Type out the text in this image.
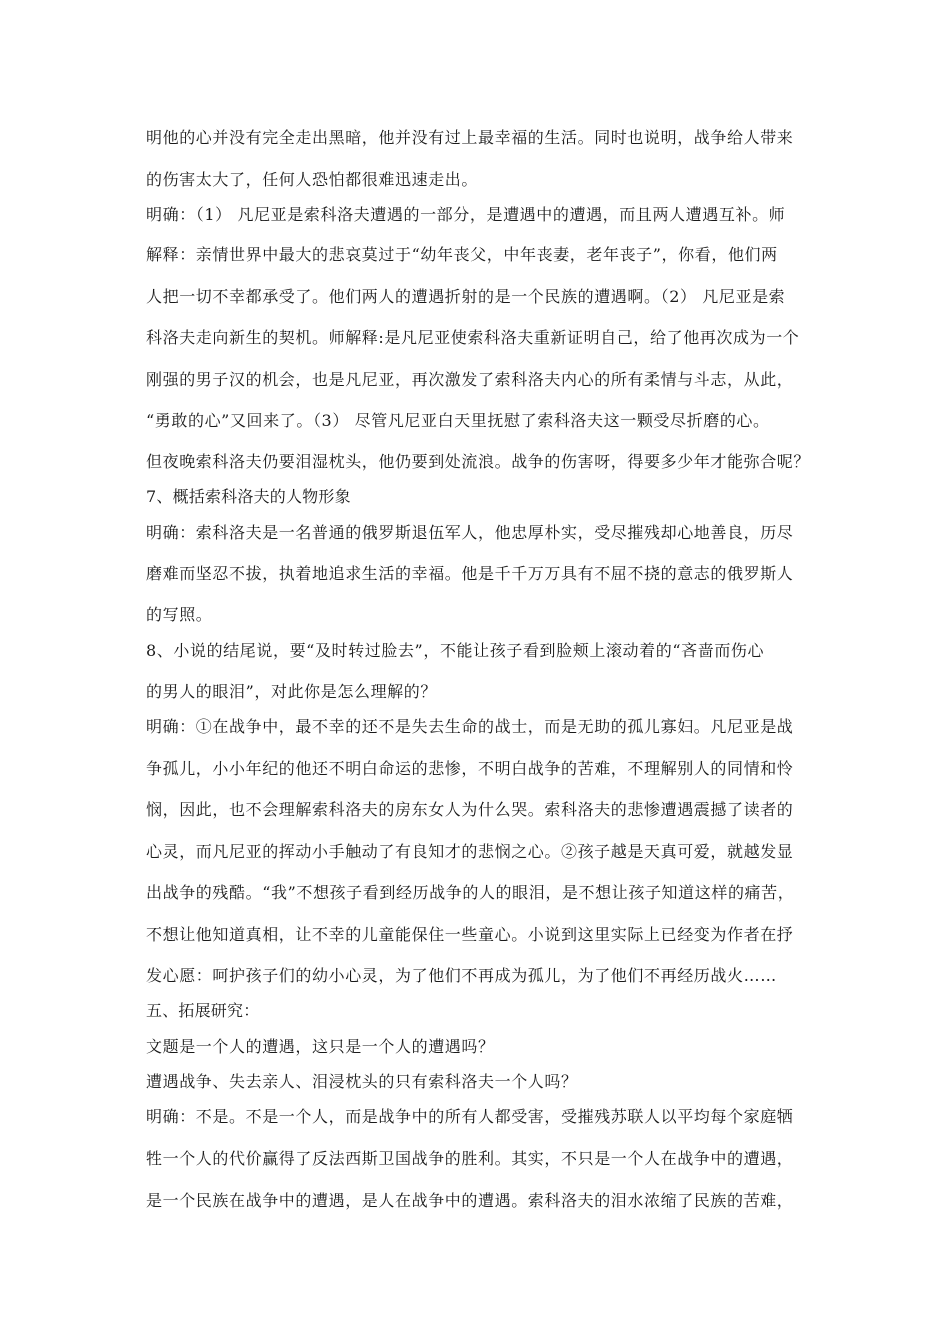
明他的心并没有完全走出黑暗，他并没有过上最幸福的生活。同时也说明，战争给人带来
的伤害太大了，任何人恐怕都很难迅速走出。
明确：（1） 凡尼亚是索科洛夫遭遇的一部分，是遭遇中的遭遇，而且两人遭遇互补。师
解释：亲情世界中最大的悲哀莫过于“幼年丧父，中年丧妻，老年丧子”，你看，他们两
人把一切不幸都承受了。他们两人的遭遇折射的是一个民族的遭遇啊。（2） 凡尼亚是索
科洛夫走向新生的契机。师解释:是凡尼亚使索科洛夫重新证明自己，给了他再次成为一个
刚强的男子汉的机会，也是凡尼亚，再次激发了索科洛夫内心的所有柔情与斗志，从此，
“勇敢的心”又回来了。（3） 尽管凡尼亚白天里抚慰了索科洛夫这一颗受尽折磨的心。
但夜晚索科洛夫仍要泪湿枕头，他仍要到处流浪。战争的伤害呀，得要多少年才能弥合呢？
7、概括索科洛夫的人物形象
明确：索科洛夫是一名普通的俄罗斯退伍军人，他忠厚朴实，受尽摧残却心地善良，历尽
磨难而坚忍不拔，执着地追求生活的幸福。他是千千万万具有不屈不挠的意志的俄罗斯人
的写照。
8、小说的结尾说，要“及时转过脸去”，不能让孩子看到脸颊上滚动着的“吝啬而伤心
的男人的眼泪”，对此你是怎么理解的？
明确：①在战争中，最不幸的还不是失去生命的战士，而是无助的孤儿寡妇。凡尼亚是战
争孤儿，小小年纪的他还不明白命运的悲惨，不明白战争的苦难，不理解别人的同情和怜
悯，因此，也不会理解索科洛夫的房东女人为什么哭。索科洛夫的悲惨遭遇震撼了读者的
心灵，而凡尼亚的挥动小手触动了有良知才的悲悯之心。②孩子越是天真可爱，就越发显
出战争的残酷。“我”不想孩子看到经历战争的人的眼泪，是不想让孩子知道这样的痛苦，
不想让他知道真相，让不幸的儿童能保住一些童心。小说到这里实际上已经变为作者在抒
发心愿：呵护孩子们的幼小心灵，为了他们不再成为孤儿，为了他们不再经历战火……
五、拓展研究：
文题是一个人的遭遇，这只是一个人的遭遇吗？
遭遇战争、失去亲人、泪浸枕头的只有索科洛夫一个人吗？
明确：不是。不是一个人，而是战争中的所有人都受害，受摧残苏联人以平均每个家庭牺
牲一个人的代价赢得了反法西斯卫国战争的胜利。其实，不只是一个人在战争中的遭遇，
是一个民族在战争中的遭遇，是人在战争中的遭遇。索科洛夫的泪水浓缩了民族的苦难，
